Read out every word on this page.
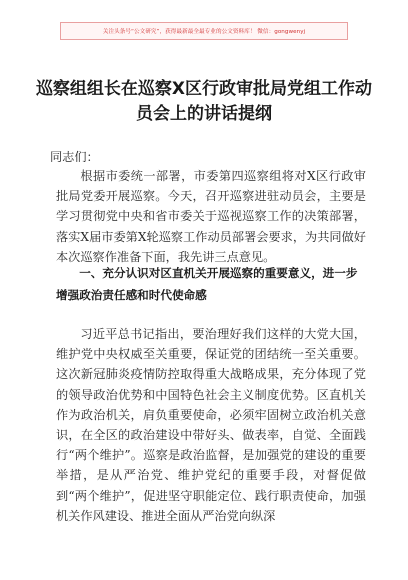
关注头条号“公文研究”，获得最新最全最专业的公文资料库！ 微信：gongwenyj
巡察组组长在巡察X区行政审批局党组工作动员会上的讲话提纲

同志们：

根据市委统一部署，市委第四巡察组将对X区行政审批局党委开展巡察。今天，召开巡察进驻动员会，主要是学习贯彻党中央和省市委关于巡视巡察工作的决策部署，落实X届市委第X轮巡察工作动员部署会要求，为共同做好本次巡察作准备下面，我先讲三点意见。

一、充分认识对区直机关开展巡察的重要意义，进一步增强政治责任感和时代使命感

习近平总书记指出，要治理好我们这样的大党大国，维护党中央权威至关重要，保证党的团结统一至关重要。这次新冠肺炎疫情防控取得重大战略成果，充分体现了党的领导政治优势和中国特色社会主义制度优势。区直机关作为政治机关，肩负重要使命，必须牢固树立政治机关意识，在全区的政治建设中带好头、做表率，自觉、全面践行“两个维护”。巡察是政治监督，是加强党的建设的重要举措，是从严治党、维护党纪的重要手段，对督促做到“两个维护”，促进坚守职能定位、践行职责使命，加强机关作风建设、推进全面从严治党向纵深
